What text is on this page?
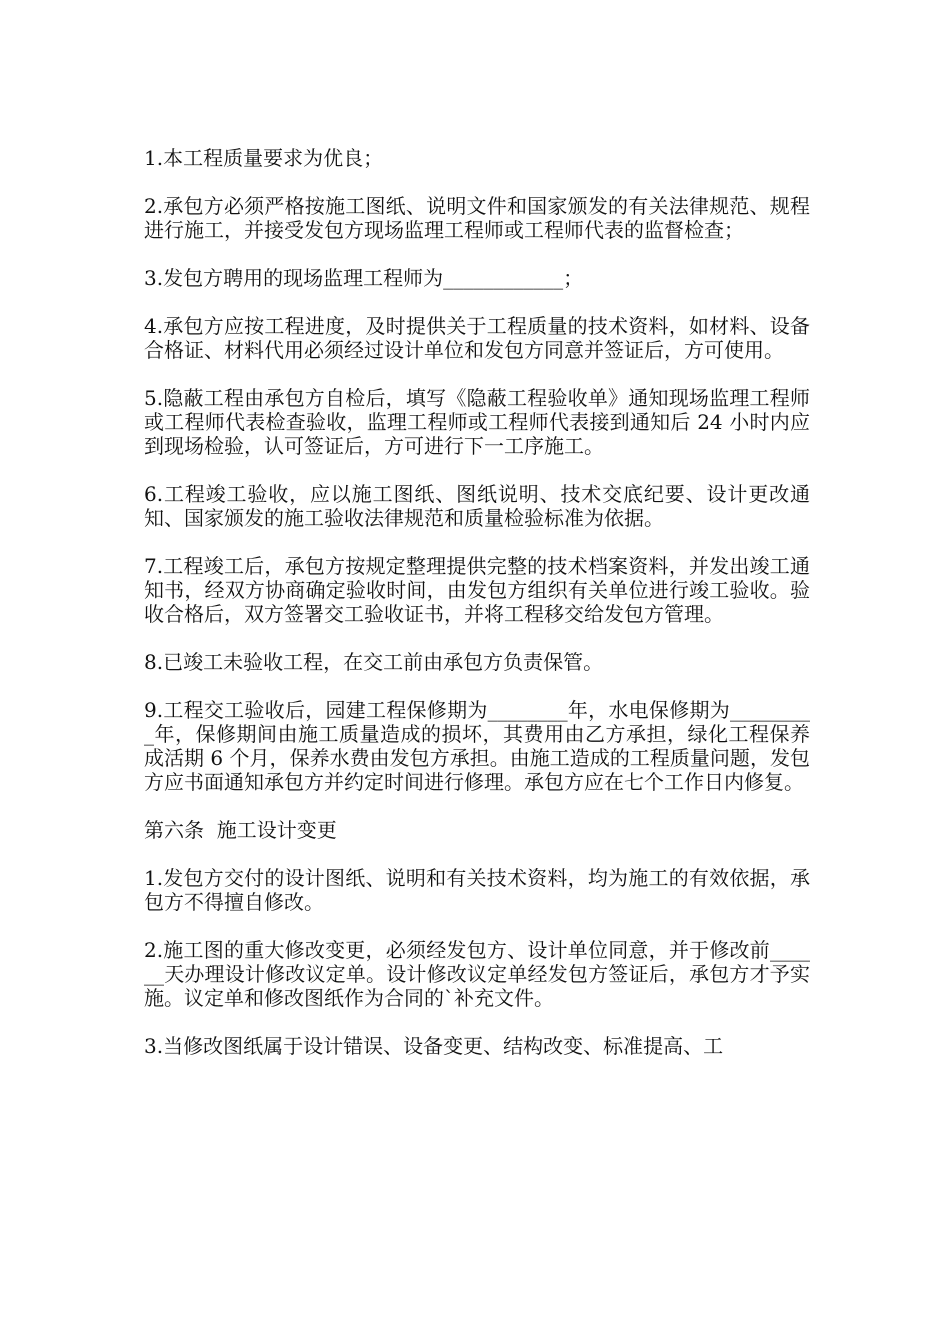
1.本工程质量要求为优良；

2.承包方必须严格按施工图纸、说明文件和国家颁发的有关法律规范、规程进行施工，并接受发包方现场监理工程师或工程师代表的监督检查；

3.发包方聘用的现场监理工程师为____________；

4.承包方应按工程进度，及时提供关于工程质量的技术资料，如材料、设备合格证、材料代用必须经过设计单位和发包方同意并签证后，方可使用。

5.隐蔽工程由承包方自检后，填写《隐蔽工程验收单》通知现场监理工程师或工程师代表检查验收，监理工程师或工程师代表接到通知后 24 小时内应到现场检验，认可签证后，方可进行下一工序施工。

6.工程竣工验收，应以施工图纸、图纸说明、技术交底纪要、设计更改通知、国家颁发的施工验收法律规范和质量检验标准为依据。

7.工程竣工后，承包方按规定整理提供完整的技术档案资料，并发出竣工通知书，经双方协商确定验收时间，由发包方组织有关单位进行竣工验收。验收合格后，双方签署交工验收证书，并将工程移交给发包方管理。

8.已竣工未验收工程，在交工前由承包方负责保管。

9.工程交工验收后，园建工程保修期为________年，水电保修期为_________年，保修期间由施工质量造成的损坏，其费用由乙方承担，绿化工程保养成活期 6 个月，保养水费由发包方承担。由施工造成的工程质量问题，发包方应书面通知承包方并约定时间进行修理。承包方应在七个工作日内修复。

第六条  施工设计变更

1.发包方交付的设计图纸、说明和有关技术资料，均为施工的有效依据，承包方不得擅自修改。

2.施工图的重大修改变更，必须经发包方、设计单位同意，并于修改前______天办理设计修改议定单。设计修改议定单经发包方签证后，承包方才予实施。议定单和修改图纸作为合同的`补充文件。

3.当修改图纸属于设计错误、设备变更、结构改变、标准提高、工
